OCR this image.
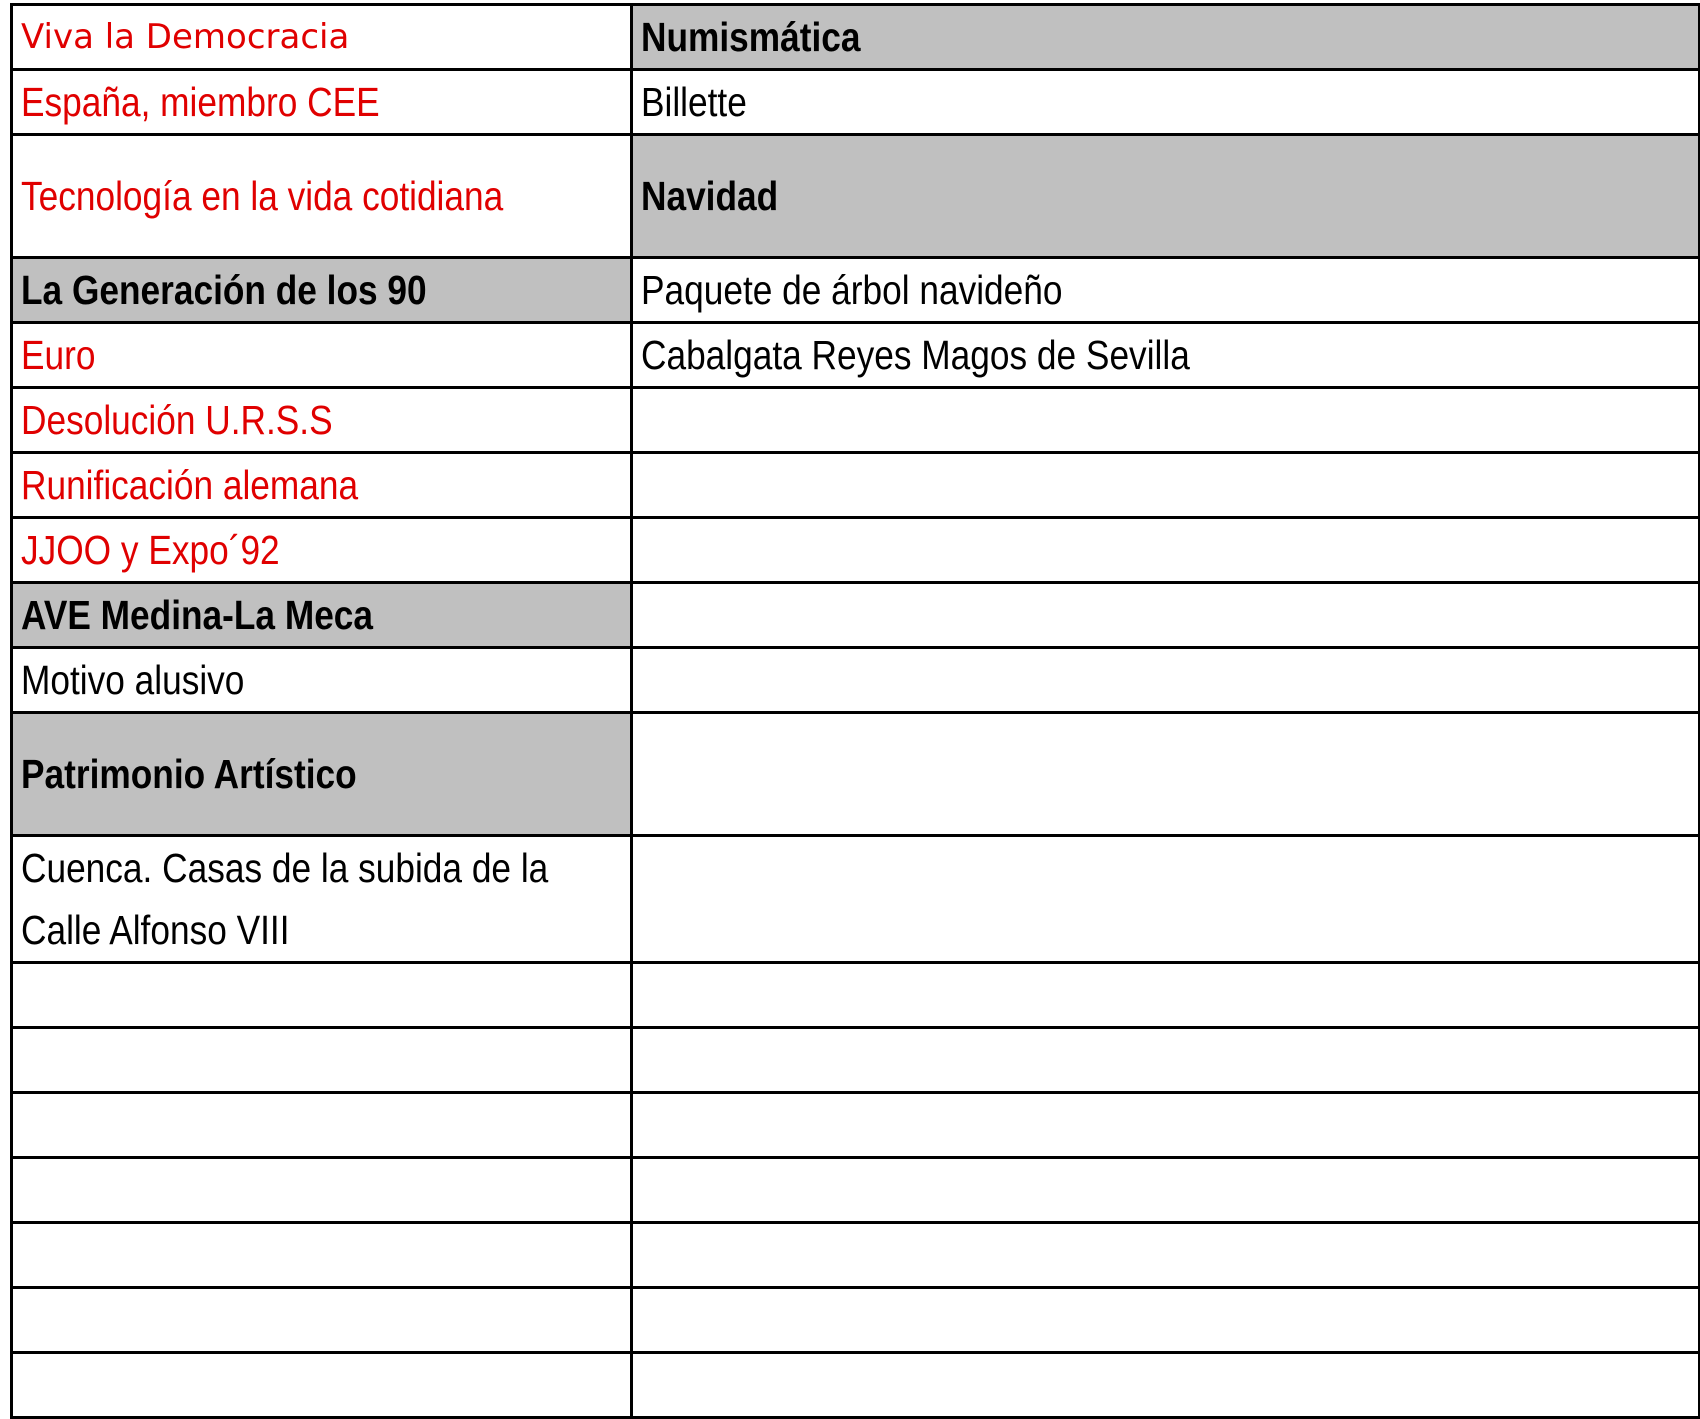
Viva la Democracia	Numismática
España, miembro CEE	Billette
Tecnología en la vida cotidiana	Navidad
La Generación de los 90	Paquete de árbol navideño
Euro	Cabalgata Reyes Magos de Sevilla
Desolución U.R.S.S	
Runificación alemana	
JJOO y Expo´92	
AVE Medina-La Meca	
Motivo alusivo	
Patrimonio Artístico	

Cuenca. Casas de la subida de la Calle Alfonso VIII	
